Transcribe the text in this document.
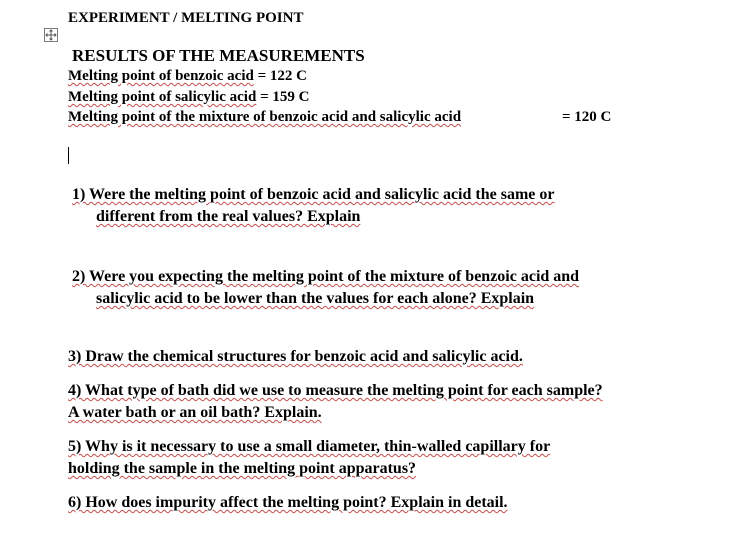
EXPERIMENT / MELTING POINT
RESULTS OF THE MEASUREMENTS
Melting point of benzoic acid = 122 C
Melting point of salicylic acid = 159 C
Melting point of the mixture of benzoic acid and salicylic acid	= 120 C
1) Were the melting point of benzoic acid and salicylic acid the same or
different from the real values? Explain
2) Were you expecting the melting point of the mixture of benzoic acid and
salicylic acid to be lower than the values for each alone? Explain
3) Draw the chemical structures for benzoic acid and salicylic acid.
4) What type of bath did we use to measure the melting point for each sample?
A water bath or an oil bath? Explain.
5) Why is it necessary to use a small diameter, thin-walled capillary for
holding the sample in the melting point apparatus?
6) How does impurity affect the melting point? Explain in detail.
